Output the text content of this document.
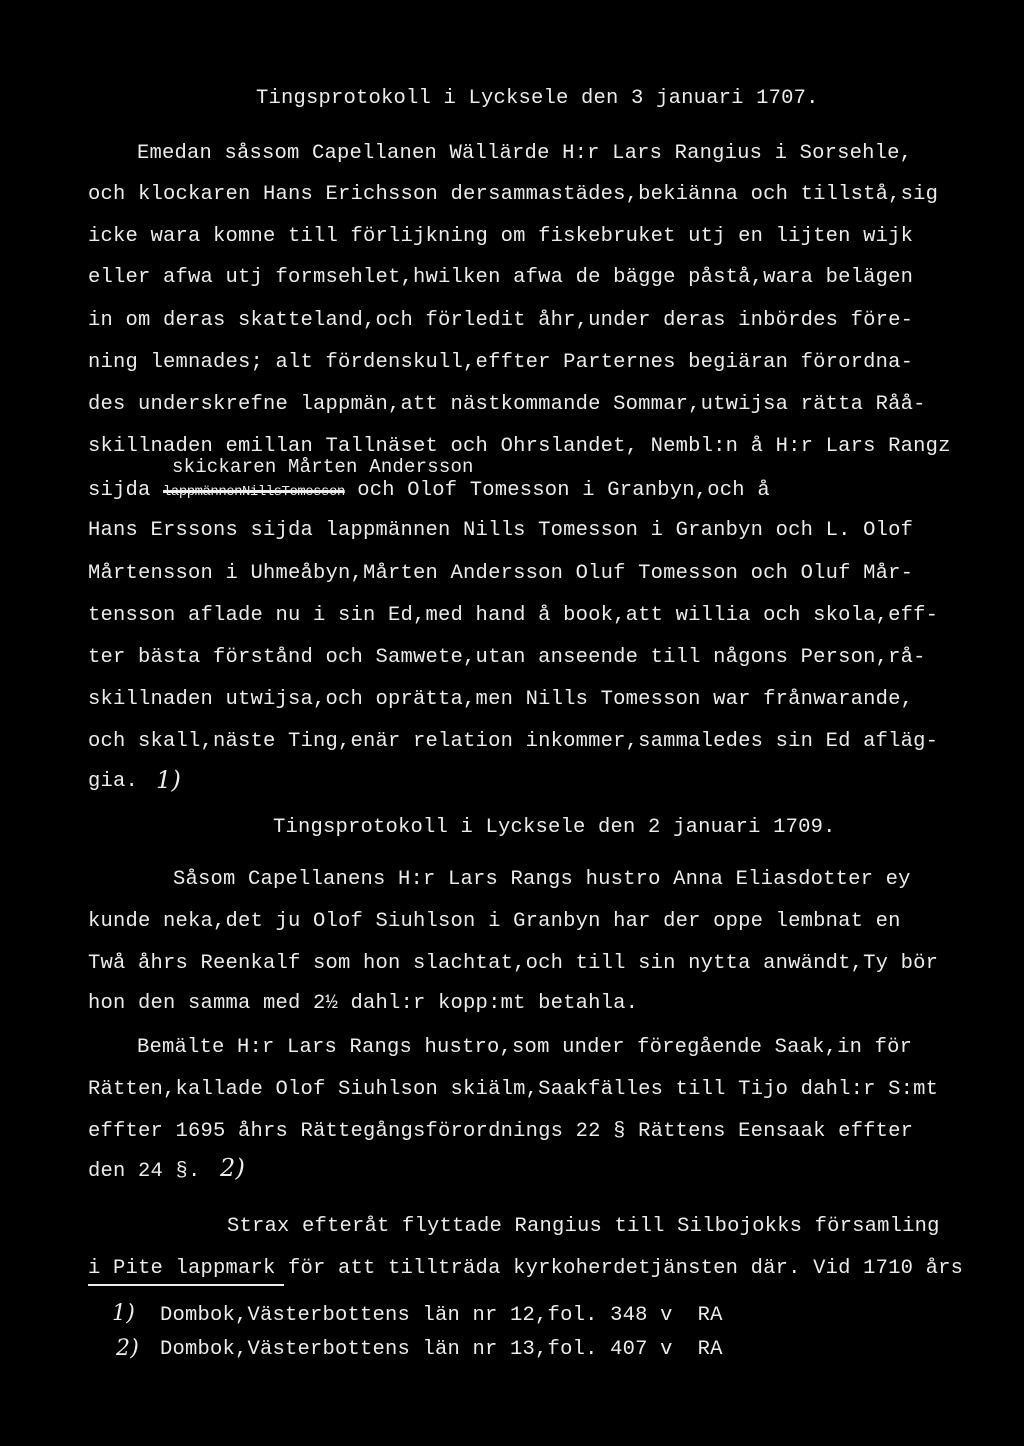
Tingsprotokoll i Lycksele den 3 januari 1707.
Emedan såssom Capellanen Wällärde H:r Lars Rangius i Sorsehle,
och klockaren Hans Erichsson dersammastädes,bekiänna och tillstå,sig
icke wara komne till förlijkning om fiskebruket utj en lijten wijk
eller afwa utj formsehlet,hwilken afwa de bägge påstå,wara belägen
in om deras skatteland,och förledit åhr,under deras inbördes före-
ning lemnades; alt fördenskull,effter Parternes begiäran förordna-
des underskrefne lappmän,att nästkommande Sommar,utwijsa rätta Råå-
skillnaden emillan Tallnäset och Ohrslandet, Nembl:n å H:r Lars Rangz
skickaren Mårten Andersson
sijda lappmännenNillsTomesson och Olof Tomesson i Granbyn,och å
Hans Erssons sijda lappmännen Nills Tomesson i Granbyn och L. Olof
Mårtensson i Uhmeåbyn,Mårten Andersson Oluf Tomesson och Oluf Mår-
tensson aflade nu i sin Ed,med hand å book,att willia och skola,eff-
ter bästa förstånd och Samwete,utan anseende till någons Person,rå-
skillnaden utwijsa,och oprätta,men Nills Tomesson war frånwarande,
och skall,näste Ting,enär relation inkommer,sammaledes sin Ed afläg-
gia. 1)
Tingsprotokoll i Lycksele den 2 januari 1709.
Såsom Capellanens H:r Lars Rangs hustro Anna Eliasdotter ey
kunde neka,det ju Olof Siuhlson i Granbyn har der oppe lembnat en
Twå åhrs Reenkalf som hon slachtat,och till sin nytta anwändt,Ty bör
hon den samma med 2½ dahl:r kopp:mt betahla.
Bemälte H:r Lars Rangs hustro,som under föregående Saak,in för
Rätten,kallade Olof Siuhlson skiälm,Saakfälles till Tijo dahl:r S:mt
effter 1695 åhrs Rättegångsförordnings 22 § Rättens Eensaak effter
den 24 §. 2)
Strax efteråt flyttade Rangius till Silbojokks församling
i Pite lappmark för att tillträda kyrkoherdetjänsten där. Vid 1710 års
1) Dombok,Västerbottens län nr 12,fol. 348 v  RA
2) Dombok,Västerbottens län nr 13,fol. 407 v  RA
